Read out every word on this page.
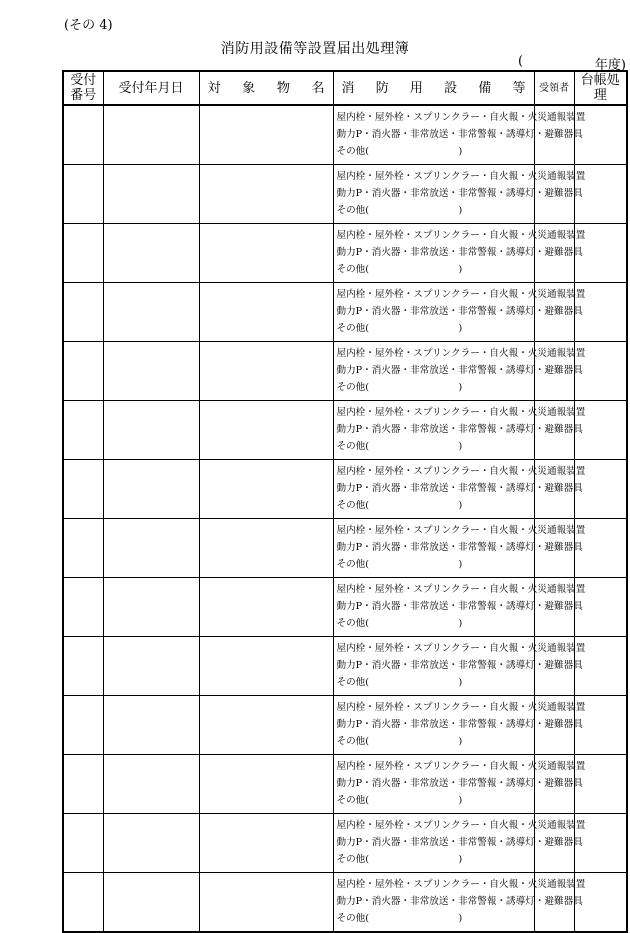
(その 4)
消防用設備等設置届出処理簿
(	年度)
受付番号	受付年月日	対 象 物 名	消 防 用 設 備 等	受領者	台帳処理

			屋内栓・屋外栓・スプリンクラー・自火報・火災通報装置
動力P・消火器・非常放送・非常警報・誘導灯・避難器具
その他( )		

			屋内栓・屋外栓・スプリンクラー・自火報・火災通報装置
動力P・消火器・非常放送・非常警報・誘導灯・避難器具
その他( )		

			屋内栓・屋外栓・スプリンクラー・自火報・火災通報装置
動力P・消火器・非常放送・非常警報・誘導灯・避難器具
その他( )		

			屋内栓・屋外栓・スプリンクラー・自火報・火災通報装置
動力P・消火器・非常放送・非常警報・誘導灯・避難器具
その他( )		

			屋内栓・屋外栓・スプリンクラー・自火報・火災通報装置
動力P・消火器・非常放送・非常警報・誘導灯・避難器具
その他( )		

			屋内栓・屋外栓・スプリンクラー・自火報・火災通報装置
動力P・消火器・非常放送・非常警報・誘導灯・避難器具
その他( )		

			屋内栓・屋外栓・スプリンクラー・自火報・火災通報装置
動力P・消火器・非常放送・非常警報・誘導灯・避難器具
その他( )		

			屋内栓・屋外栓・スプリンクラー・自火報・火災通報装置
動力P・消火器・非常放送・非常警報・誘導灯・避難器具
その他( )		

			屋内栓・屋外栓・スプリンクラー・自火報・火災通報装置
動力P・消火器・非常放送・非常警報・誘導灯・避難器具
その他( )		

			屋内栓・屋外栓・スプリンクラー・自火報・火災通報装置
動力P・消火器・非常放送・非常警報・誘導灯・避難器具
その他( )		

			屋内栓・屋外栓・スプリンクラー・自火報・火災通報装置
動力P・消火器・非常放送・非常警報・誘導灯・避難器具
その他( )		

			屋内栓・屋外栓・スプリンクラー・自火報・火災通報装置
動力P・消火器・非常放送・非常警報・誘導灯・避難器具
その他( )		

			屋内栓・屋外栓・スプリンクラー・自火報・火災通報装置
動力P・消火器・非常放送・非常警報・誘導灯・避難器具
その他( )		

			屋内栓・屋外栓・スプリンクラー・自火報・火災通報装置
動力P・消火器・非常放送・非常警報・誘導灯・避難器具
その他( )		
